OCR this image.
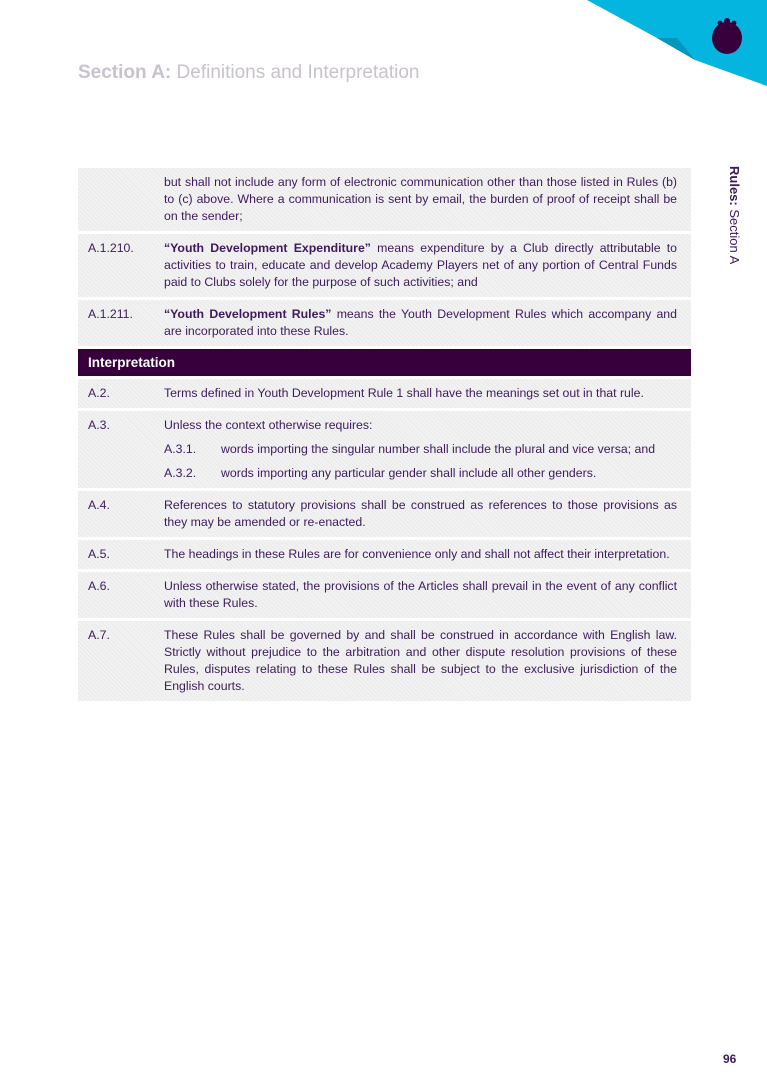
Section A: Definitions and Interpretation
Rules: Section A
but shall not include any form of electronic communication other than those listed in Rules (b) to (c) above. Where a communication is sent by email, the burden of proof of receipt shall be on the sender;
A.1.210.	“Youth Development Expenditure” means expenditure by a Club directly attributable to activities to train, educate and develop Academy Players net of any portion of Central Funds paid to Clubs solely for the purpose of such activities; and
A.1.211.	“Youth Development Rules” means the Youth Development Rules which accompany and are incorporated into these Rules.
Interpretation
A.2.	Terms defined in Youth Development Rule 1 shall have the meanings set out in that rule.
A.3.	Unless the context otherwise requires:
A.3.1.	words importing the singular number shall include the plural and vice versa; and
A.3.2.	words importing any particular gender shall include all other genders.
A.4.	References to statutory provisions shall be construed as references to those provisions as they may be amended or re-enacted.
A.5.	The headings in these Rules are for convenience only and shall not affect their interpretation.
A.6.	Unless otherwise stated, the provisions of the Articles shall prevail in the event of any conflict with these Rules.
A.7.	These Rules shall be governed by and shall be construed in accordance with English law. Strictly without prejudice to the arbitration and other dispute resolution provisions of these Rules, disputes relating to these Rules shall be subject to the exclusive jurisdiction of the English courts.
96
